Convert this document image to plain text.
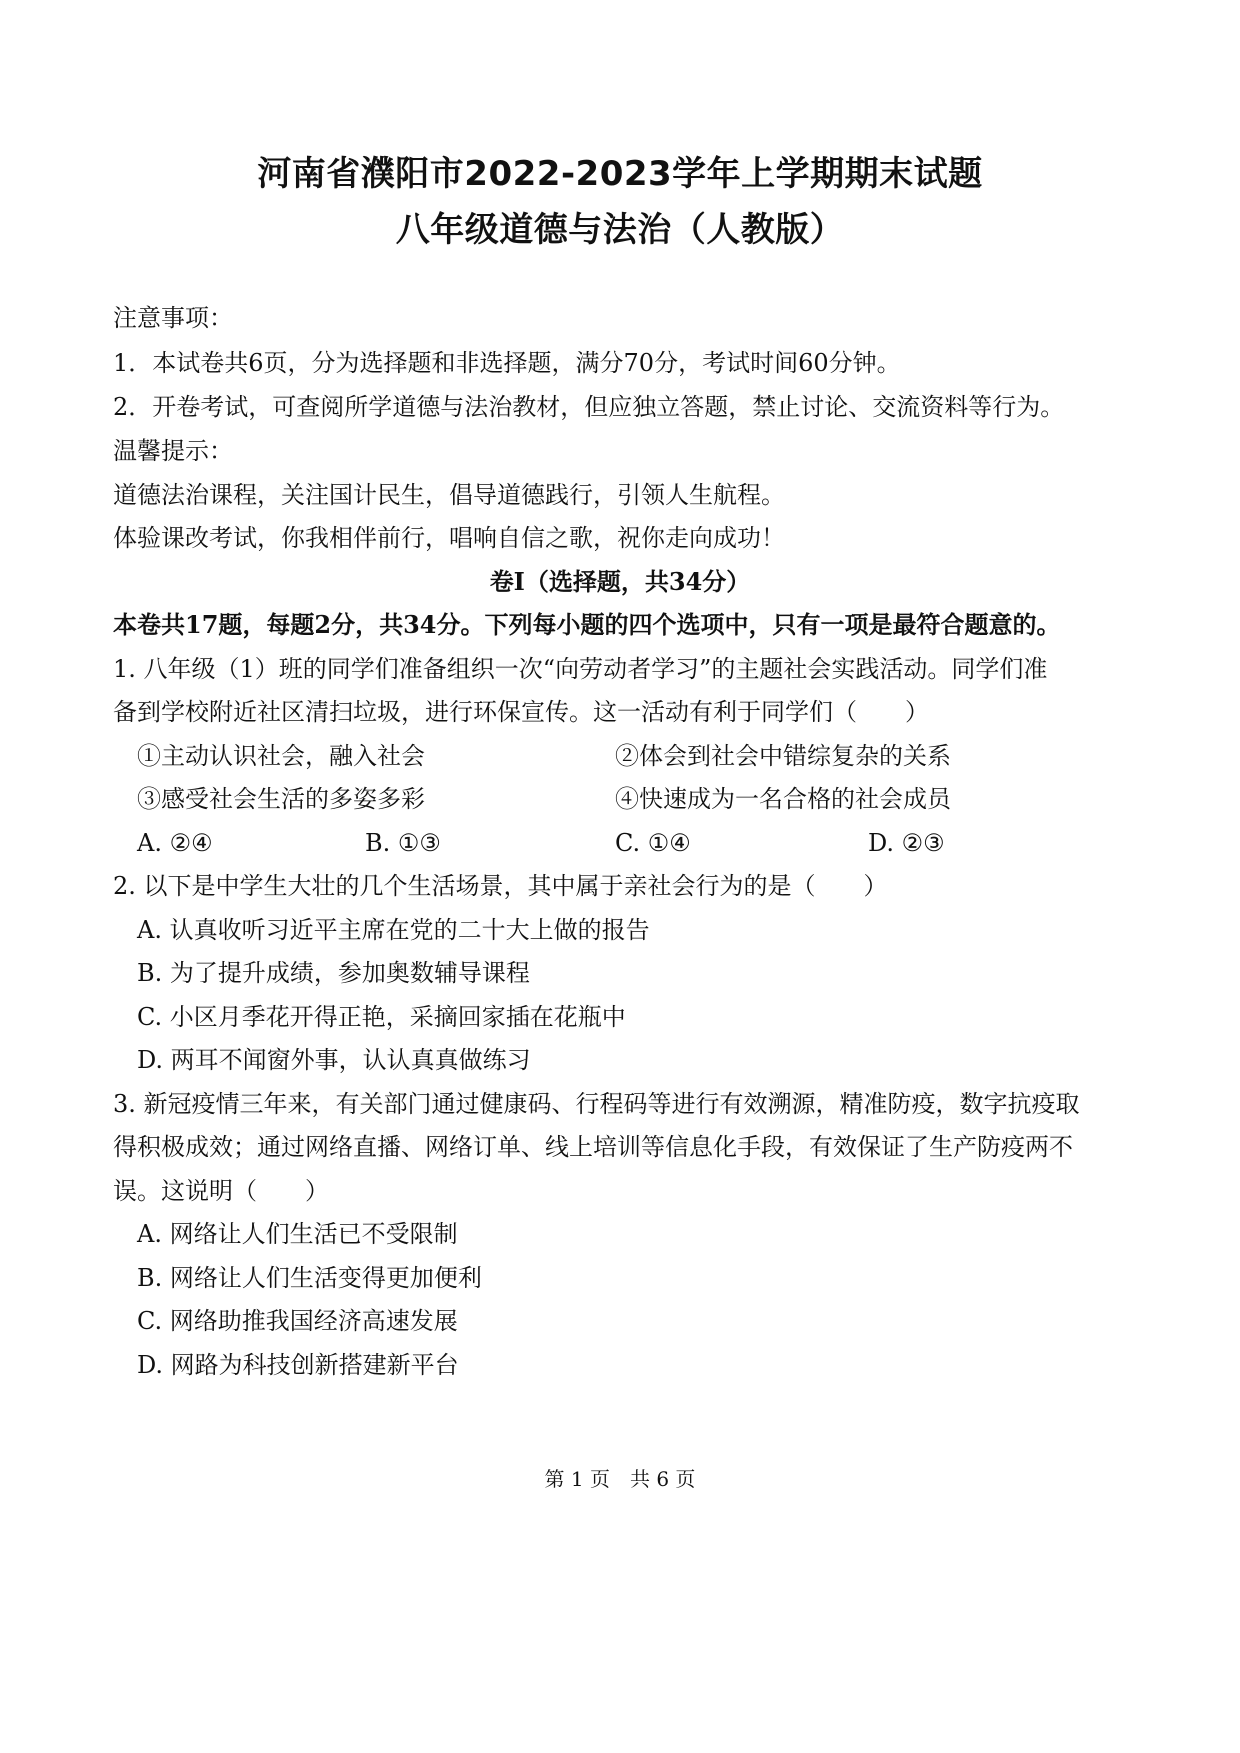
河南省濮阳市2022-2023学年上学期期末试题
八年级道德与法治（人教版）
注意事项：
1．本试卷共6页，分为选择题和非选择题，满分70分，考试时间60分钟。
2．开卷考试，可查阅所学道德与法治教材，但应独立答题，禁止讨论、交流资料等行为。
温馨提示：
道德法治课程，关注国计民生，倡导道德践行，引领人生航程。
体验课改考试，你我相伴前行，唱响自信之歌，祝你走向成功！
卷Ⅰ（选择题，共34分）
本卷共17题，每题2分，共34分。下列每小题的四个选项中，只有一项是最符合题意的。
1. 八年级（1）班的同学们准备组织一次“向劳动者学习”的主题社会实践活动。同学们准
备到学校附近社区清扫垃圾，进行环保宣传。这一活动有利于同学们（　　）
①主动认识社会，融入社会	②体会到社会中错综复杂的关系
③感受社会生活的多姿多彩	④快速成为一名合格的社会成员
A. ②④	B. ①③	C. ①④	D. ②③
2. 以下是中学生大壮的几个生活场景，其中属于亲社会行为的是（　　）
A. 认真收听习近平主席在党的二十大上做的报告
B. 为了提升成绩，参加奥数辅导课程
C. 小区月季花开得正艳，采摘回家插在花瓶中
D. 两耳不闻窗外事，认认真真做练习
3. 新冠疫情三年来，有关部门通过健康码、行程码等进行有效溯源，精准防疫，数字抗疫取
得积极成效；通过网络直播、网络订单、线上培训等信息化手段，有效保证了生产防疫两不
误。这说明（　　）
A. 网络让人们生活已不受限制
B. 网络让人们生活变得更加便利
C. 网络助推我国经济高速发展
D. 网路为科技创新搭建新平台
第 1 页　共 6 页
